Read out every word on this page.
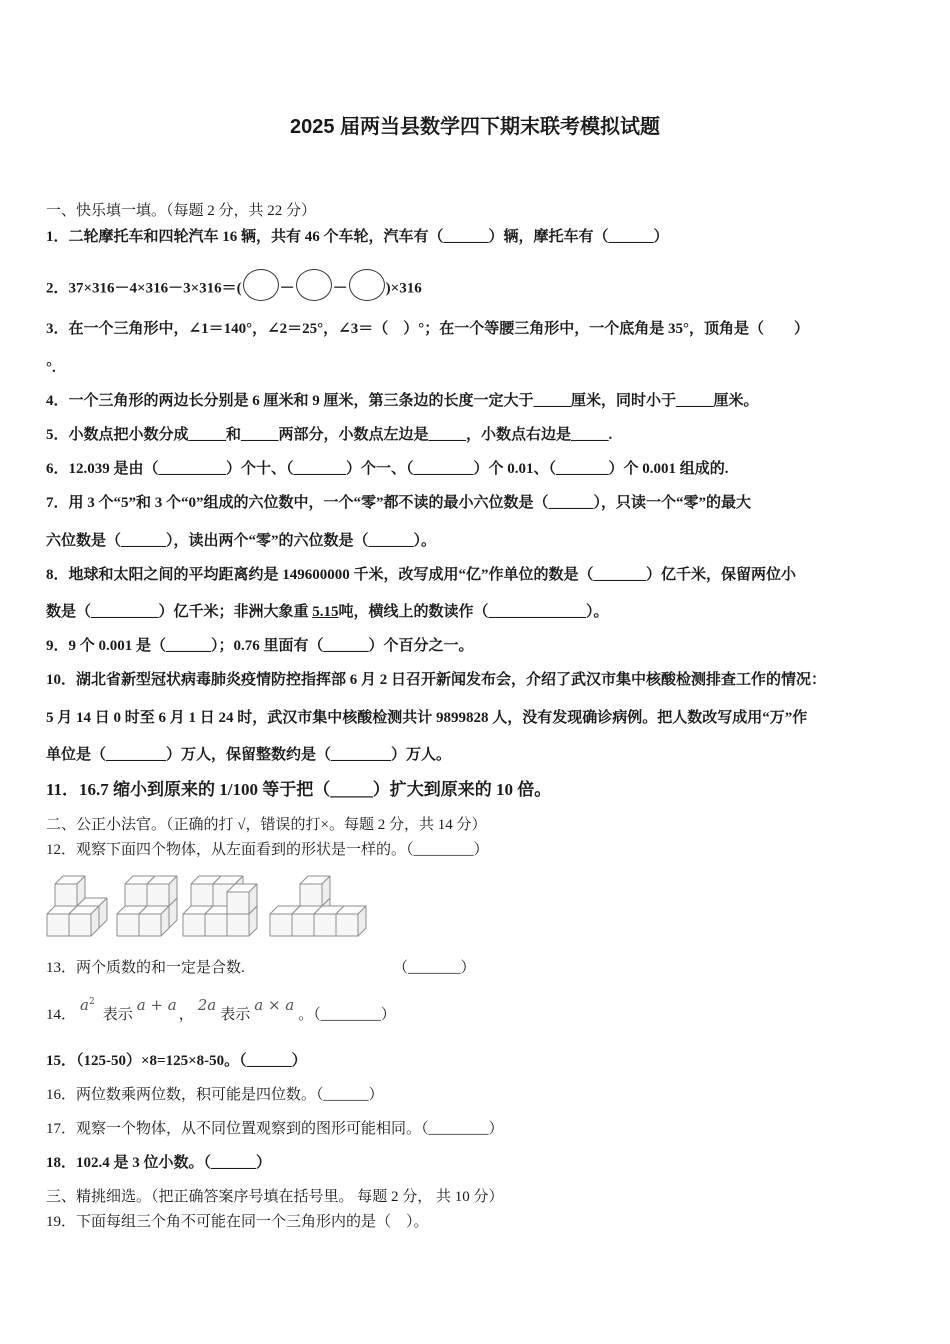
2025 届两当县数学四下期末联考模拟试题
一、快乐填一填。（每题 2 分，共 22 分）
1．二轮摩托车和四轮汽车 16 辆，共有 46 个车轮，汽车有（______）辆，摩托车有（______）
2．37×316－4×316－3×316＝(	－	－	)×316
3．在一个三角形中，∠1＝140°，∠2＝25°，∠3＝（　）°；在一个等腰三角形中，一个底角是 35°，顶角是（　　）
°.
4．一个三角形的两边长分别是 6 厘米和 9 厘米，第三条边的长度一定大于_____厘米，同时小于_____厘米。
5．小数点把小数分成_____和_____两部分，小数点左边是_____，小数点右边是_____.
6．12.039 是由（_________）个十、（_______）个一、（________）个 0.01、（_______）个 0.001 组成的.
7．用 3 个“5”和 3 个“0”组成的六位数中，一个“零”都不读的最小六位数是（______），只读一个“零”的最大
六位数是（______），读出两个“零”的六位数是（______）。
8．地球和太阳之间的平均距离约是 149600000 千米，改写成用“亿”作单位的数是（_______）亿千米，保留两位小
数是（_________）亿千米；非洲大象重 5.15吨，横线上的数读作（_____________）。
9．9 个 0.001 是（______）；0.76 里面有（______）个百分之一。
10．湖北省新型冠状病毒肺炎疫情防控指挥部 6 月 2 日召开新闻发布会，介绍了武汉市集中核酸检测排查工作的情况：
5 月 14 日 0 时至 6 月 1 日 24 时，武汉市集中核酸检测共计 9899828 人，没有发现确诊病例。把人数改写成用“万”作
单位是（________）万人，保留整数约是（________）万人。
11．16.7 缩小到原来的 1/100 等于把（_____）扩大到原来的 10 倍。
二、公正小法官。（正确的打 √，错误的打×。每题 2 分，共 14 分）
12．观察下面四个物体，从左面看到的形状是一样的。（________）
13．两个质数的和一定是合数.	（_______）
14．$a^2$表示a + a，2a表示a × a。（________）
15．（125-50）×8=125×8-50。（______）
16．两位数乘两位数，积可能是四位数。（______）
17．观察一个物体，从不同位置观察到的图形可能相同。（________）
18．102.4 是 3 位小数。（______）
三、精挑细选。（把正确答案序号填在括号里。 每题 2 分， 共 10 分）
19．下面每组三个角不可能在同一个三角形内的是（　）。
